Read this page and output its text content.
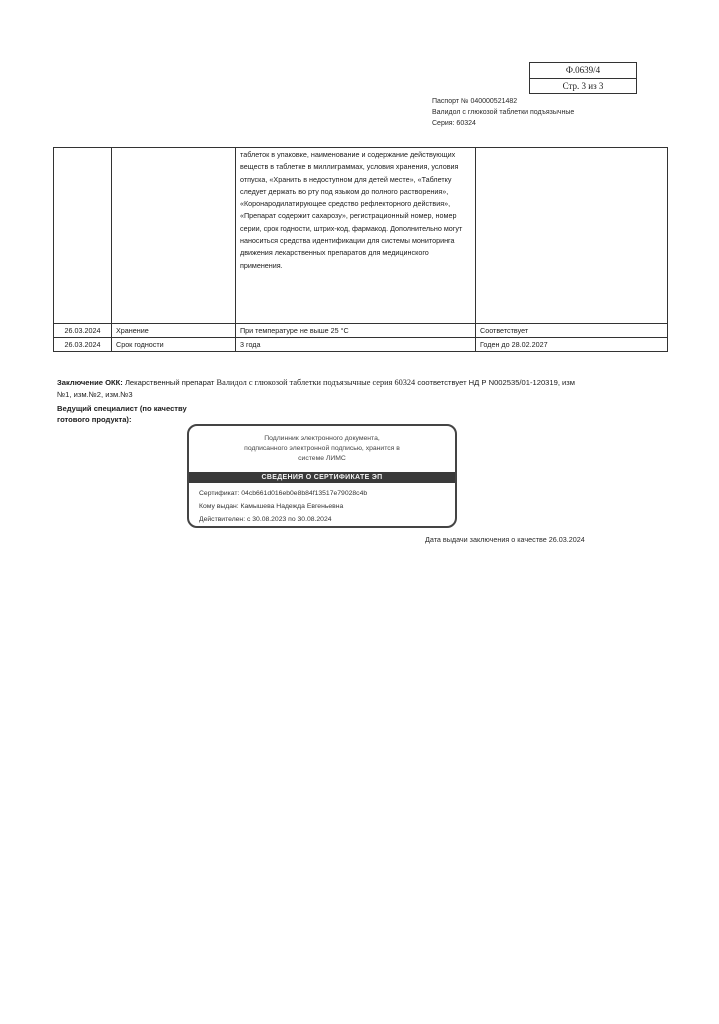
Ф.0639/4
Стр. 3 из 3
Паспорт № 040000521482
Валидол с глюкозой таблетки подъязычные
Серия: 60324
		таблеток в упаковке, наименование и содержание действующих веществ в таблетке в миллиграммах, условия хранения, условия отпуска, «Хранить в недоступном для детей месте», «Таблетку следует держать во рту под языком до полного растворения», «Коронародилатирующее средство рефлекторного действия», «Препарат содержит сахарозу», регистрационный номер, номер серии, срок годности, штрих-код, фармакод. Дополнительно могут наноситься средства идентификации для системы мониторинга движения лекарственных препаратов для медицинского применения.	
26.03.2024	Хранение	При температуре не выше 25 °С	Соответствует
26.03.2024	Срок годности	3 года	Годен до 28.02.2027
Заключение ОКК: Лекарственный препарат Валидол с глюкозой таблетки подъязычные серия 60324 соответствует НД Р N002535/01-120319, изм №1, изм.№2, изм.№3
Ведущий специалист (по качеству
готового продукта):
Подлинник электронного документа,
подписанного электронной подписью, хранится в
системе ЛИМС
СВЕДЕНИЯ О СЕРТИФИКАТЕ ЭП
Сертификат: 04cb661d016eb0e8b84f13517e79028c4b
Кому выдан: Камышева Надежда Евгеньевна
Действителен: с 30.08.2023 по 30.08.2024
Дата выдачи заключения о качестве 26.03.2024
